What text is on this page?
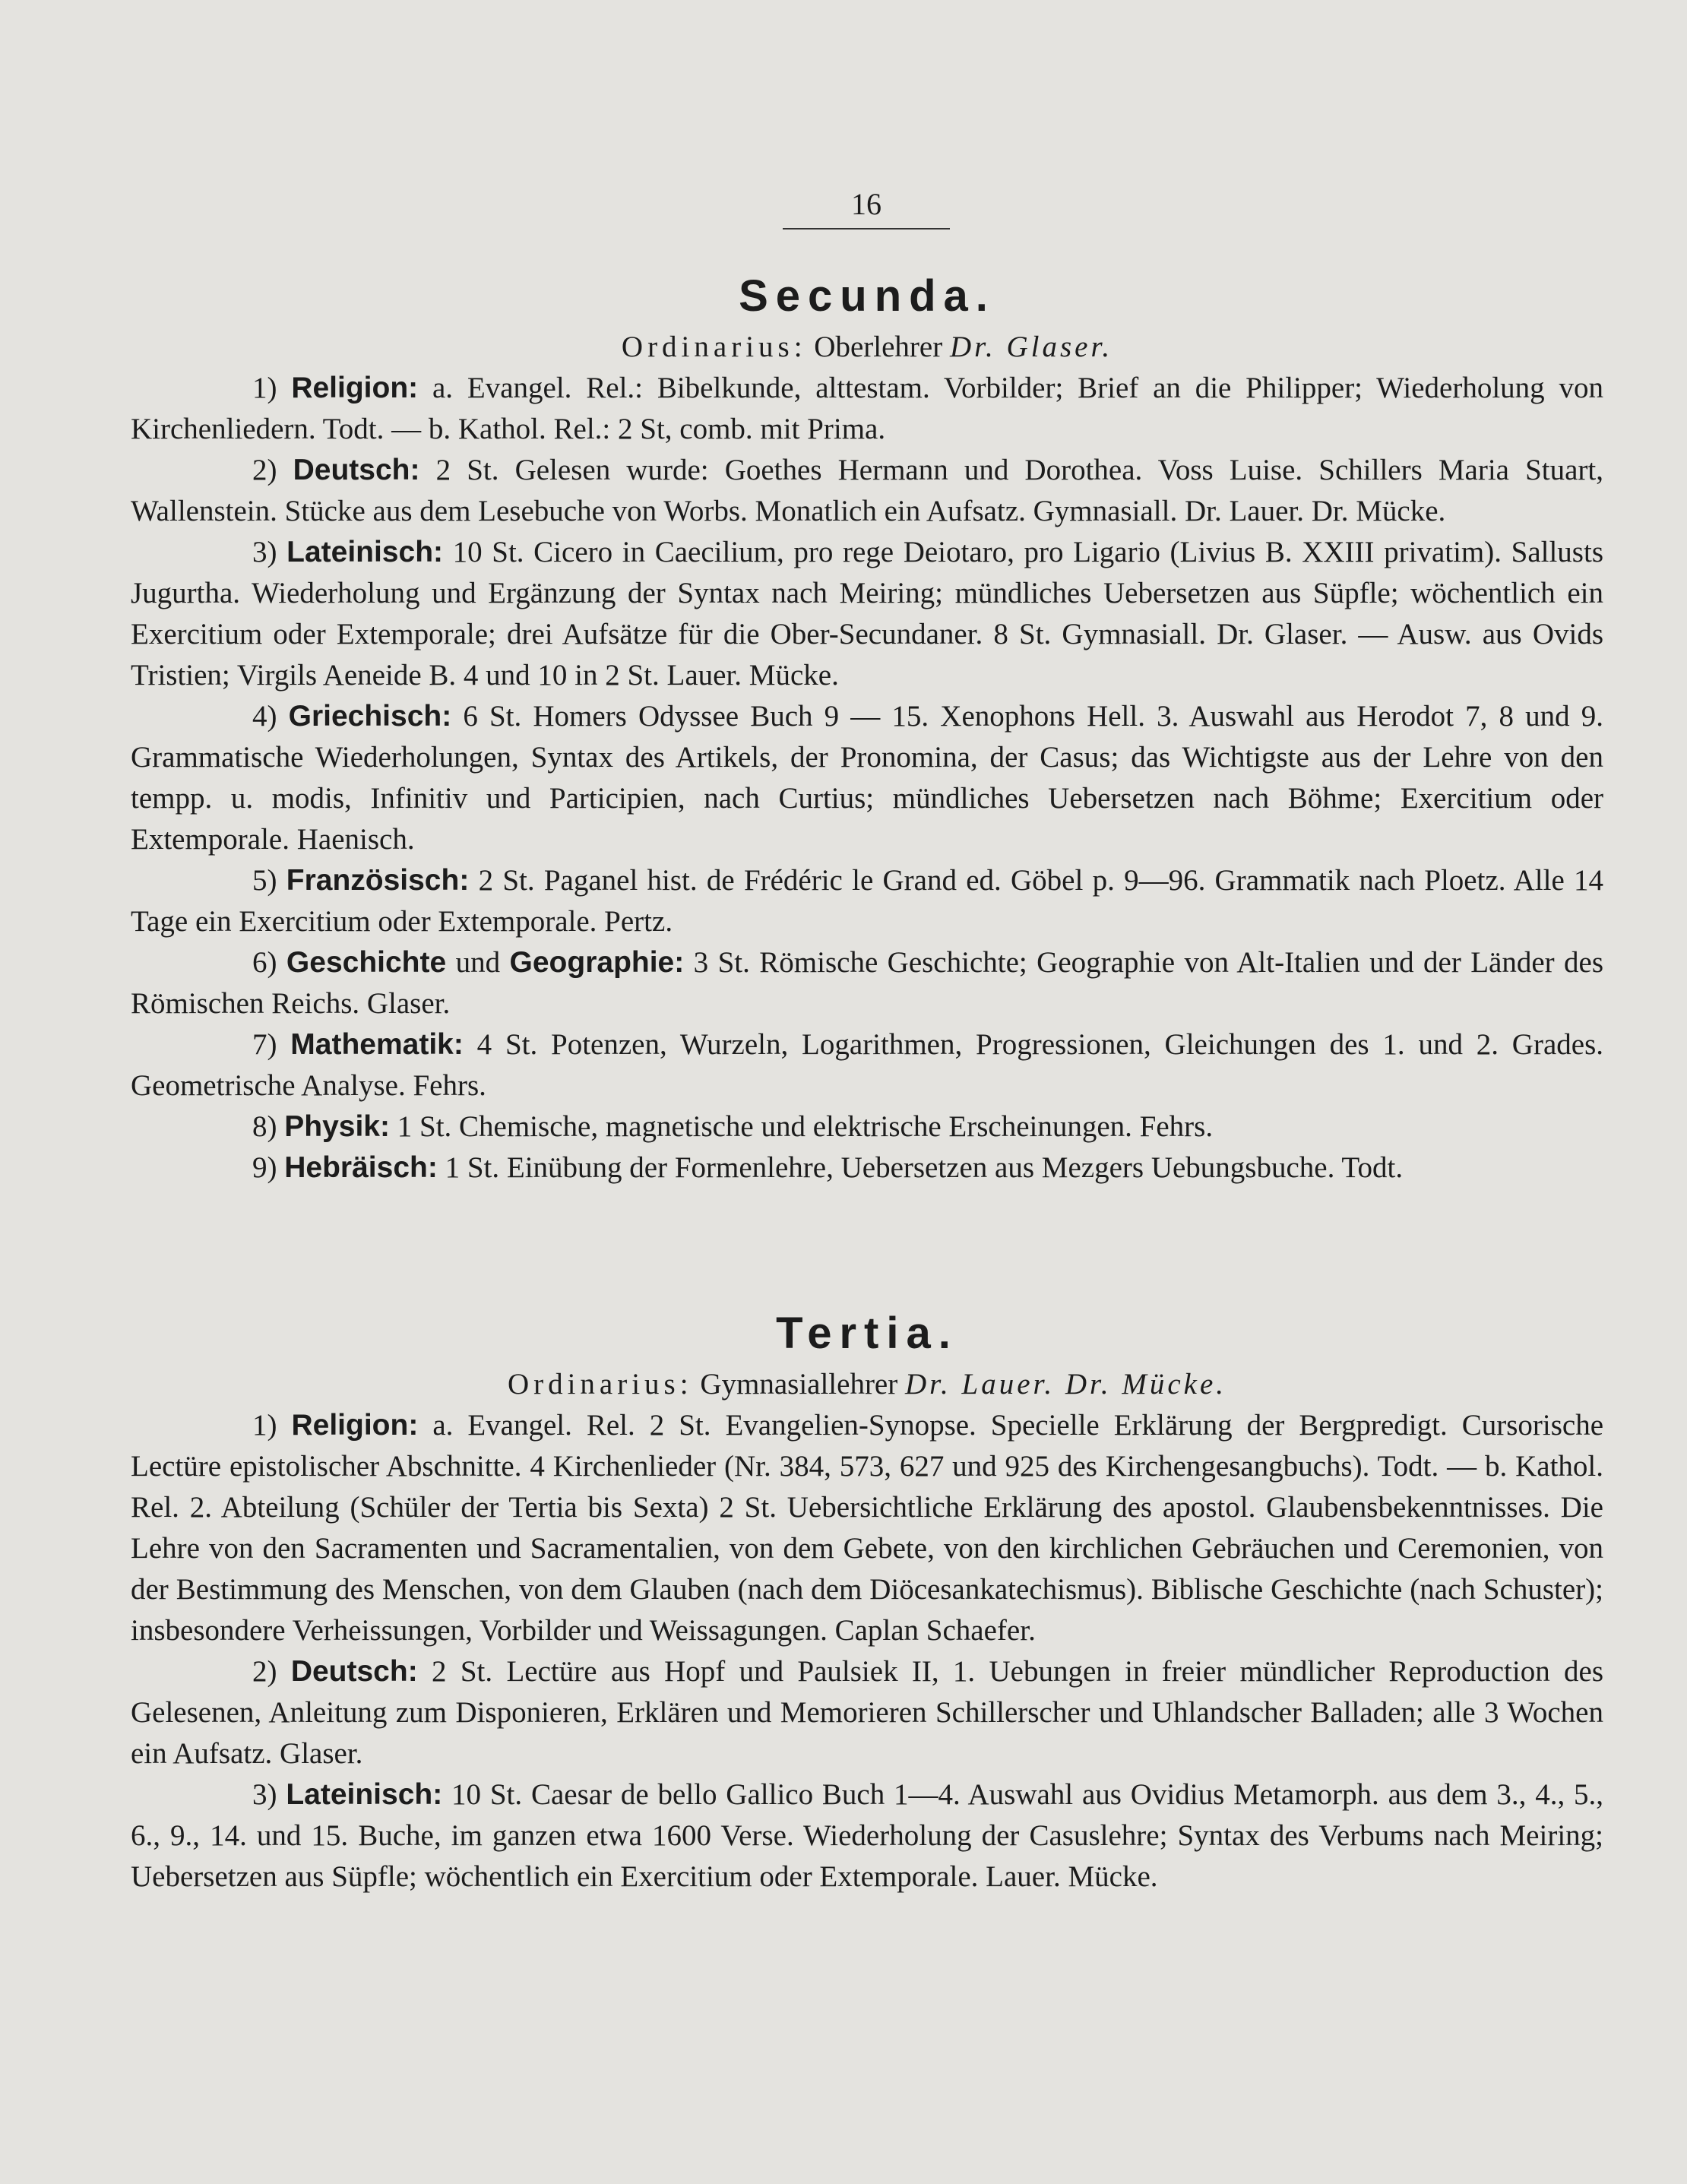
16
Secunda.
Ordinarius: Oberlehrer Dr. Glaser.

1) Religion: a. Evangel. Rel.: Bibelkunde, alttestam. Vorbilder; Brief an die Philipper; Wiederholung von Kirchenliedern. Todt. — b. Kathol. Rel.: 2 St, comb. mit Prima.

2) Deutsch: 2 St. Gelesen wurde: Goethes Hermann und Dorothea. Voss Luise. Schillers Maria Stuart, Wallenstein. Stücke aus dem Lesebuche von Worbs. Monatlich ein Aufsatz. Gymnasiall. Dr. Lauer. Dr. Mücke.

3) Lateinisch: 10 St. Cicero in Caecilium, pro rege Deiotaro, pro Ligario (Livius B. XXIII privatim). Sallusts Jugurtha. Wiederholung und Ergänzung der Syntax nach Meiring; mündliches Uebersetzen aus Süpfle; wöchentlich ein Exercitium oder Extemporale; drei Aufsätze für die Ober-Secundaner. 8 St. Gymnasiall. Dr. Glaser. — Ausw. aus Ovids Tristien; Virgils Aeneide B. 4 und 10 in 2 St. Lauer. Mücke.

4) Griechisch: 6 St. Homers Odyssee Buch 9 — 15. Xenophons Hell. 3. Auswahl aus Herodot 7, 8 und 9. Grammatische Wiederholungen, Syntax des Artikels, der Pronomina, der Casus; das Wichtigste aus der Lehre von den tempp. u. modis, Infinitiv und Participien, nach Curtius; mündliches Uebersetzen nach Böhme; Exercitium oder Extemporale. Haenisch.

5) Französisch: 2 St. Paganel hist. de Frédéric le Grand ed. Göbel p. 9—96. Grammatik nach Ploetz. Alle 14 Tage ein Exercitium oder Extemporale. Pertz.

6) Geschichte und Geographie: 3 St. Römische Geschichte; Geographie von Alt-Italien und der Länder des Römischen Reichs. Glaser.

7) Mathematik: 4 St. Potenzen, Wurzeln, Logarithmen, Progressionen, Gleichungen des 1. und 2. Grades. Geometrische Analyse. Fehrs.

8) Physik: 1 St. Chemische, magnetische und elektrische Erscheinungen. Fehrs.

9) Hebräisch: 1 St. Einübung der Formenlehre, Uebersetzen aus Mezgers Uebungsbuche. Todt.

Tertia.
Ordinarius: Gymnasiallehrer Dr. Lauer. Dr. Mücke.

1) Religion: a. Evangel. Rel. 2 St. Evangelien-Synopse. Specielle Erklärung der Bergpredigt. Cursorische Lectüre epistolischer Abschnitte. 4 Kirchenlieder (Nr. 384, 573, 627 und 925 des Kirchengesangbuchs). Todt. — b. Kathol. Rel. 2. Abteilung (Schüler der Tertia bis Sexta) 2 St. Uebersichtliche Erklärung des apostol. Glaubensbekenntnisses. Die Lehre von den Sacramenten und Sacramentalien, von dem Gebete, von den kirchlichen Gebräuchen und Ceremonien, von der Bestimmung des Menschen, von dem Glauben (nach dem Diöcesankatechismus). Biblische Geschichte (nach Schuster); insbesondere Verheissungen, Vorbilder und Weissagungen. Caplan Schaefer.

2) Deutsch: 2 St. Lectüre aus Hopf und Paulsiek II, 1. Uebungen in freier mündlicher Reproduction des Gelesenen, Anleitung zum Disponieren, Erklären und Memorieren Schillerscher und Uhlandscher Balladen; alle 3 Wochen ein Aufsatz. Glaser.

3) Lateinisch: 10 St. Caesar de bello Gallico Buch 1—4. Auswahl aus Ovidius Metamorph. aus dem 3., 4., 5., 6., 9., 14. und 15. Buche, im ganzen etwa 1600 Verse. Wiederholung der Casuslehre; Syntax des Verbums nach Meiring; Uebersetzen aus Süpfle; wöchentlich ein Exercitium oder Extemporale. Lauer. Mücke.
